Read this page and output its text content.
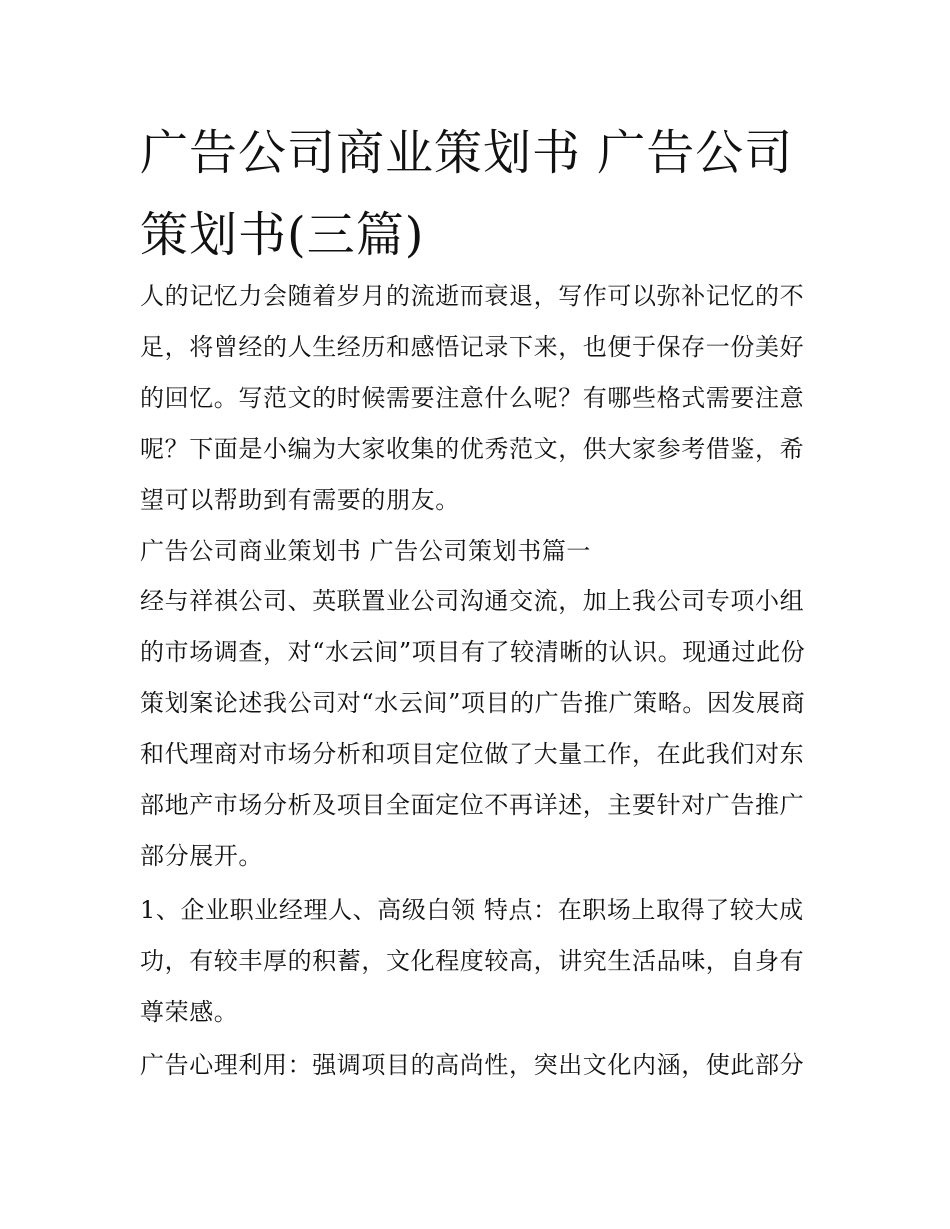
广告公司商业策划书 广告公司
策划书(三篇)
人的记忆力会随着岁月的流逝而衰退，写作可以弥补记忆的不
足，将曾经的人生经历和感悟记录下来，也便于保存一份美好
的回忆。写范文的时候需要注意什么呢？有哪些格式需要注意
呢？下面是小编为大家收集的优秀范文，供大家参考借鉴，希
望可以帮助到有需要的朋友。
广告公司商业策划书 广告公司策划书篇一
经与祥祺公司、英联置业公司沟通交流，加上我公司专项小组
的市场调查，对“水云间”项目有了较清晰的认识。现通过此份
策划案论述我公司对“水云间”项目的广告推广策略。因发展商
和代理商对市场分析和项目定位做了大量工作，在此我们对东
部地产市场分析及项目全面定位不再详述，主要针对广告推广
部分展开。
1、企业职业经理人、高级白领 特点：在职场上取得了较大成
功，有较丰厚的积蓄，文化程度较高，讲究生活品味，自身有
尊荣感。
广告心理利用：强调项目的高尚性，突出文化内涵，使此部分
